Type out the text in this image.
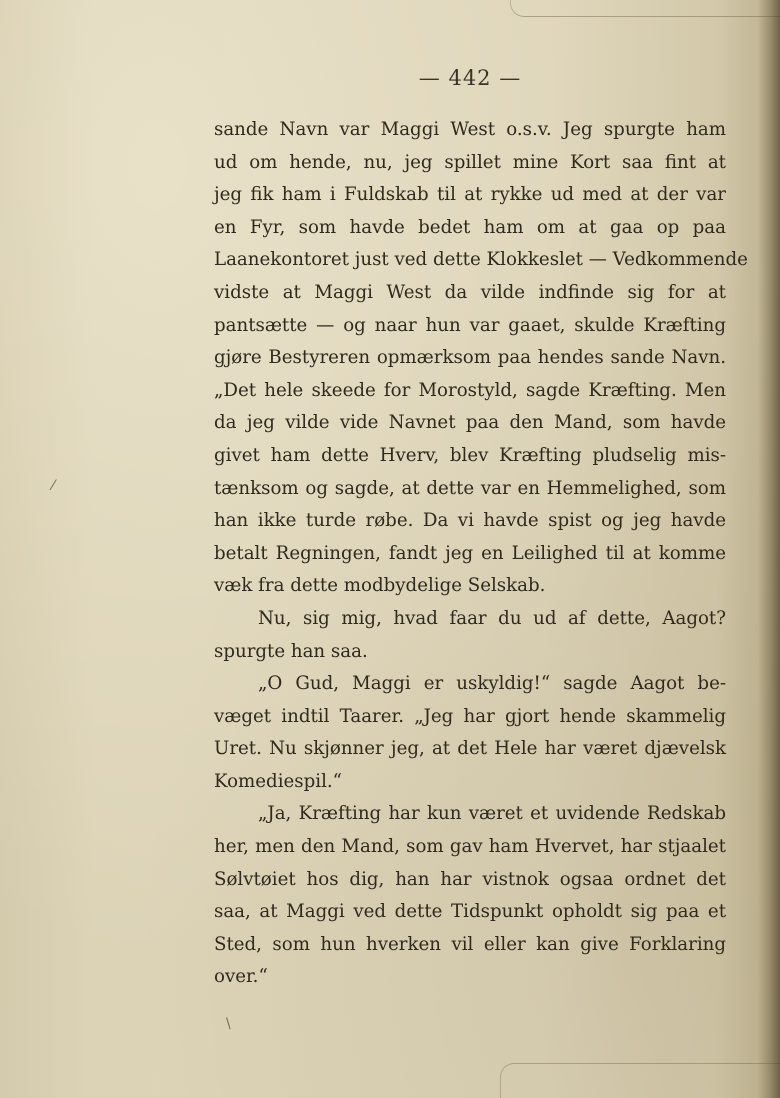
⁄
\
— 442 —
sande Navn var Maggi West o.s.v. Jeg spurgte ham
ud om hende, nu, jeg spillet mine Kort saa fint at
jeg fik ham i Fuldskab til at rykke ud med at der var
en Fyr, som havde bedet ham om at gaa op paa
Laanekontoret just ved dette Klokkeslet — Vedkommende
vidste at Maggi West da vilde indfinde sig for at
pantsætte — og naar hun var gaaet, skulde Kræfting
gjøre Bestyreren opmærksom paa hendes sande Navn.
„Det hele skeede for Morostyld, sagde Kræfting. Men
da jeg vilde vide Navnet paa den Mand, som havde
givet ham dette Hverv, blev Kræfting pludselig mis-
tænksom og sagde, at dette var en Hemmelighed, som
han ikke turde røbe. Da vi havde spist og jeg havde
betalt Regningen, fandt jeg en Leilighed til at komme
væk fra dette modbydelige Selskab.
Nu, sig mig, hvad faar du ud af dette, Aagot?
spurgte han saa.
„O Gud, Maggi er uskyldig!“ sagde Aagot be-
væget indtil Taarer. „Jeg har gjort hende skammelig
Uret. Nu skjønner jeg, at det Hele har været djævelsk
Komediespil.“
„Ja, Kræfting har kun været et uvidende Redskab
her, men den Mand, som gav ham Hvervet, har stjaalet
Sølvtøiet hos dig, han har vistnok ogsaa ordnet det
saa, at Maggi ved dette Tidspunkt opholdt sig paa et
Sted, som hun hverken vil eller kan give Forklaring
over.“
